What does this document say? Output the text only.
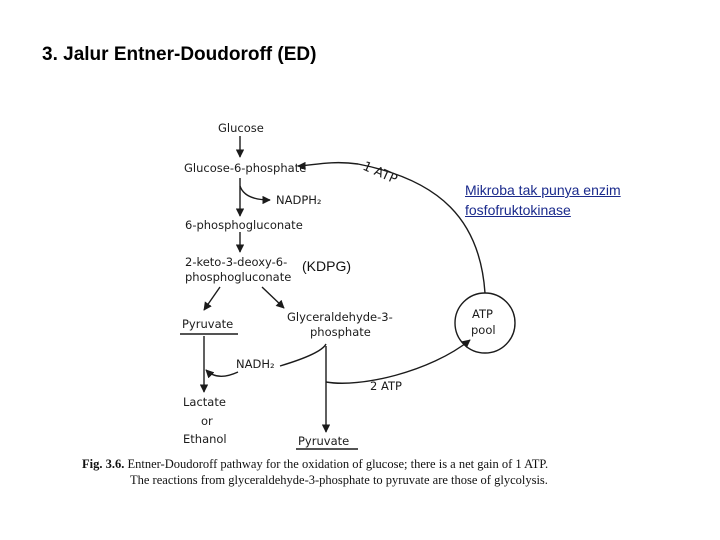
3. Jalur Entner-Doudoroff (ED)
Glucose
Glucose-6-phosphate	1 ATP
NADPH₂
6-phosphogluconate
2-keto-3-deoxy-6-
phosphogluconate
(KDPG)
Pyruvate	Glyceraldehyde-3-
phosphate
NADH₂
2 ATP
ATP
pool
Lactate
or
Ethanol	Pyruvate
Mikroba tak punya enzim
fosfofruktokinase
Fig. 3.6. Entner-Doudoroff pathway for the oxidation of glucose; there is a net gain of 1 ATP.
The reactions from glyceraldehyde-3-phosphate to pyruvate are those of glycolysis.
